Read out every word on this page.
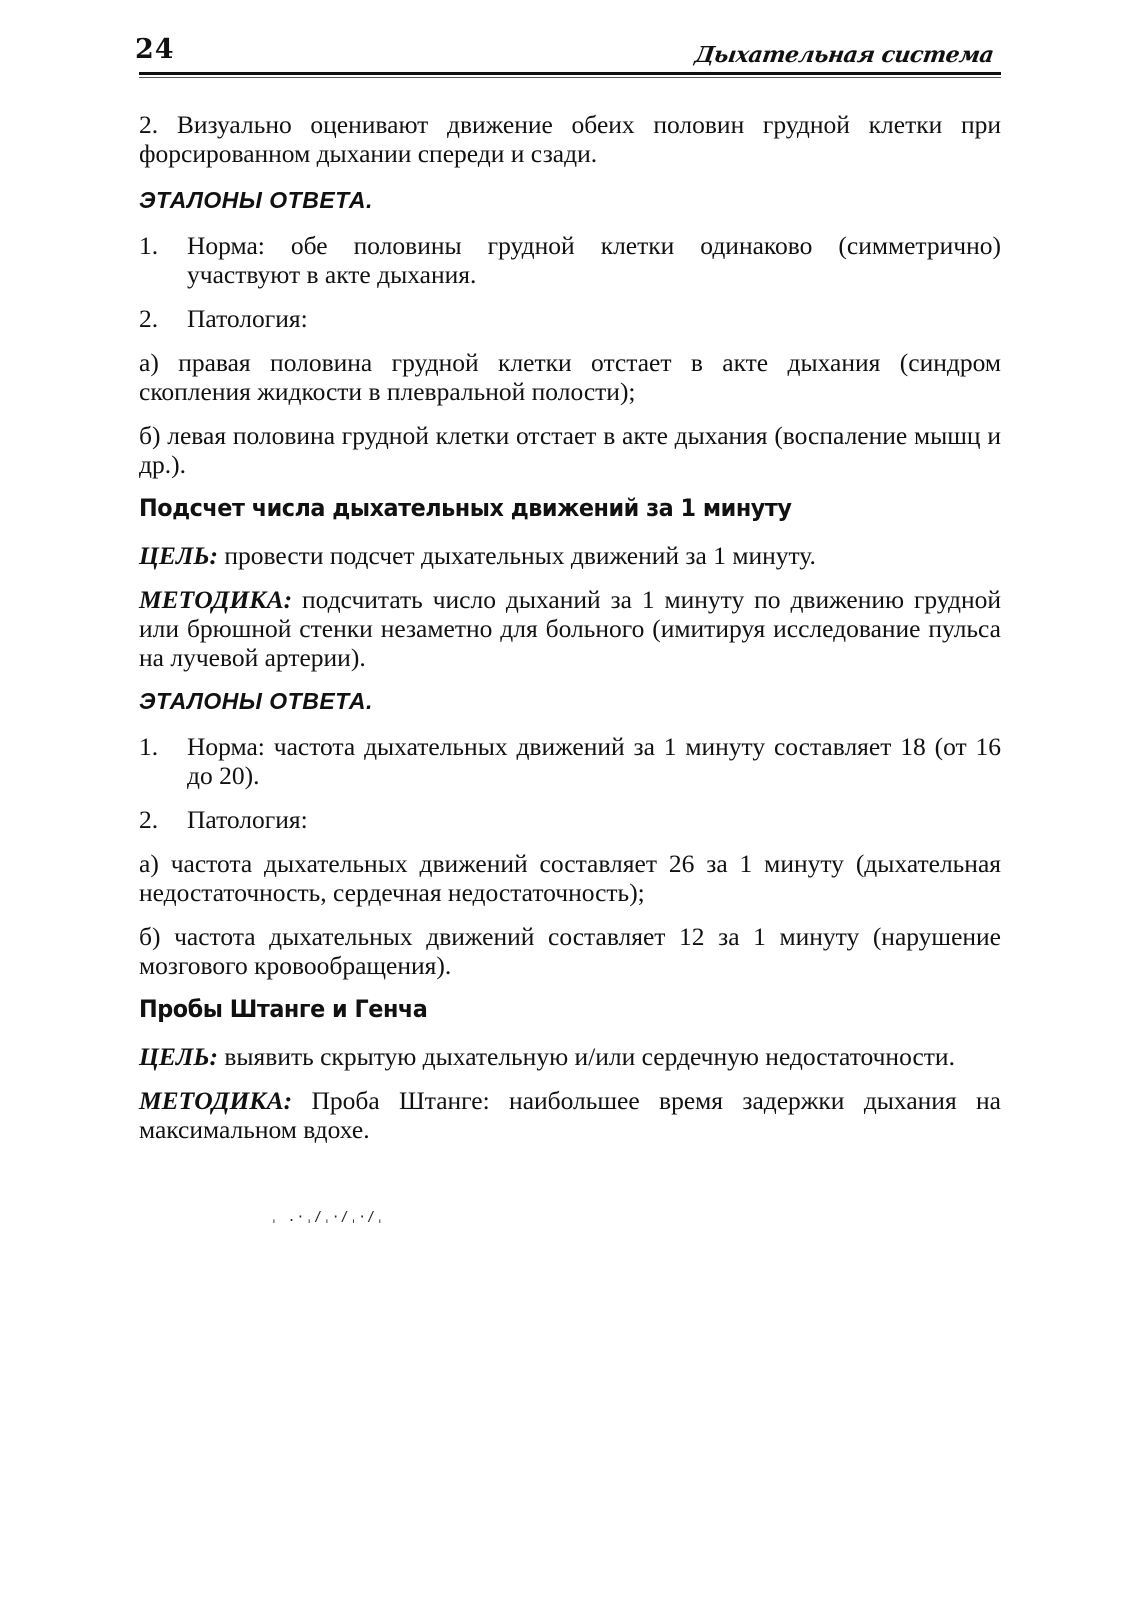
24	Дыхательная система

2. Визуально оценивают движение обеих половин грудной клетки при форсированном дыхании спереди и сзади.

ЭТАЛОНЫ ОТВЕТА.
1.	Норма: обе половины грудной клетки одинаково (симметрично) участвуют в акте дыхания.
2.	Патология:

а) правая половина грудной клетки отстает в акте дыхания (синдром скопления жидкости в плевральной полости);

б) левая половина грудной клетки отстает в акте дыхания (воспаление мышц и др.).

Подсчет числа дыхательных движений за 1 минуту

ЦЕЛЬ: провести подсчет дыхательных движений за 1 минуту.

МЕТОДИКА: подсчитать число дыханий за 1 минуту по движению грудной или брюшной стенки незаметно для больного (имитируя исследование пульса на лучевой артерии).

ЭТАЛОНЫ ОТВЕТА.
1.	Норма: частота дыхательных движений за 1 минуту составляет 18 (от 16 до 20).
2.	Патология:

а) частота дыхательных движений составляет 26 за 1 минуту (дыхательная недостаточность, сердечная недостаточность);

б) частота дыхательных движений составляет 12 за 1 минуту (нарушение мозгового кровообращения).

Пробы Штанге и Генча

ЦЕЛЬ: выявить скрытую дыхательную и/или сердечную недостаточности.

МЕТОДИКА: Проба Штанге: наибольшее время задержки дыхания на максимальном вдохе.

ˌ .·ˌ/ˌ·/ˌ·/ˌ
